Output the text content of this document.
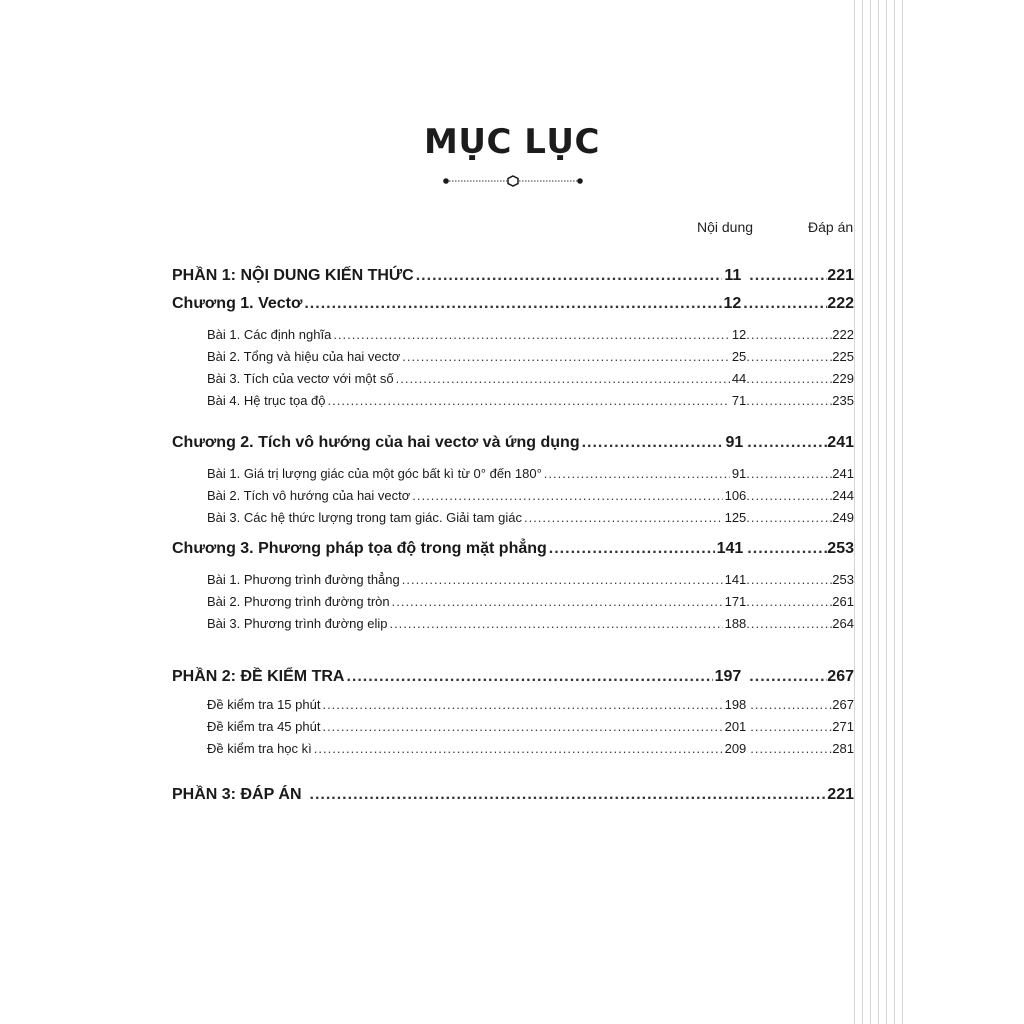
MỤC LỤC
Nội dung	Đáp án
PHẦN 1: NỘI DUNG KIẾN THỨC .....	11 .....	221
Chương 1. Vectơ .....	12 .....	222
Bài 1. Các định nghĩa .....	12 .....	222
Bài 2. Tổng và hiệu của hai vectơ .....	25 .....	225
Bài 3. Tích của vectơ với một số .....	44 .....	229
Bài 4. Hệ trục tọa độ .....	71 .....	235
Chương 2. Tích vô hướng của hai vectơ và ứng dụng .....	91 .....	241
Bài 1. Giá trị lượng giác của một góc bất kì từ 0° đến 180° .....	91 .....	241
Bài 2. Tích vô hướng của hai vectơ .....	106 .....	244
Bài 3. Các hệ thức lượng trong tam giác. Giải tam giác .....	125 .....	249
Chương 3. Phương pháp tọa độ trong mặt phẳng .....	141 .....	253
Bài 1. Phương trình đường thẳng .....	141 .....	253
Bài 2. Phương trình đường tròn .....	171 .....	261
Bài 3. Phương trình đường elip .....	188 .....	264
PHẦN 2: ĐỀ KIỂM TRA .....	197 .....	267
Đề kiểm tra 15 phút .....	198 .....	267
Đề kiểm tra 45 phút .....	201 .....	271
Đề kiểm tra học kì .....	209 .....	281
PHẦN 3: ĐÁP ÁN .....	221
